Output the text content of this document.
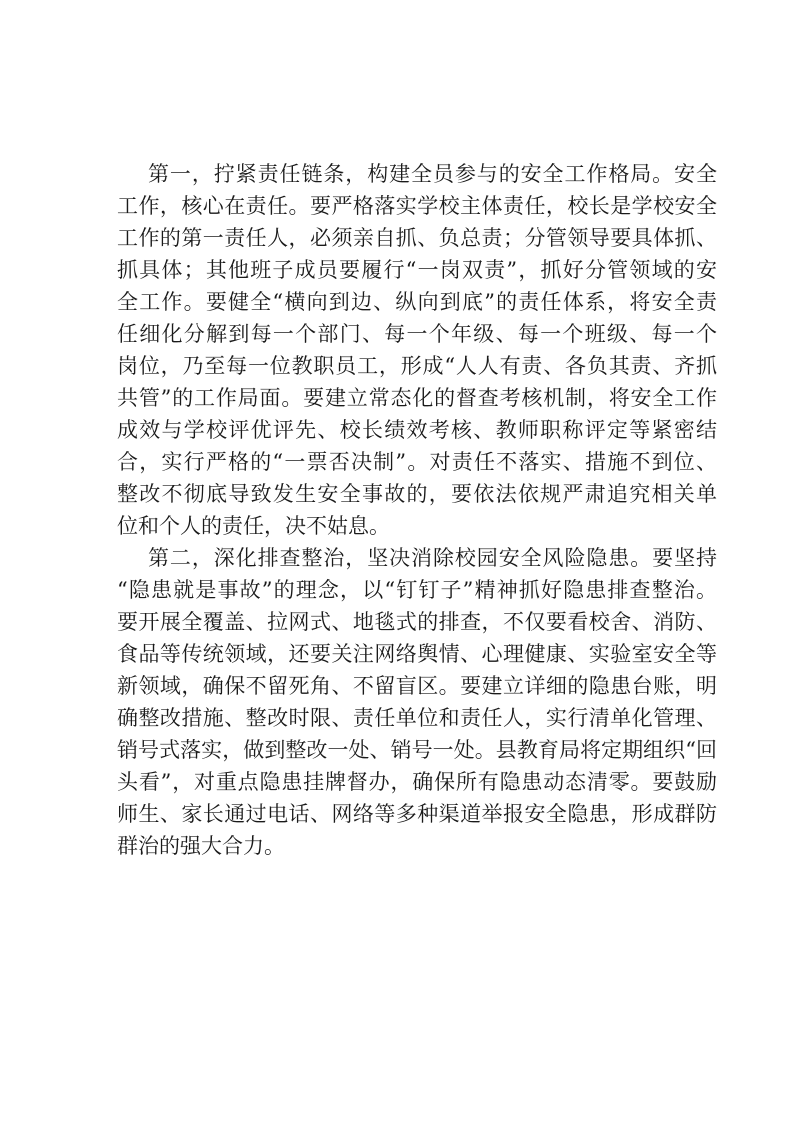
第一，拧紧责任链条，构建全员参与的安全工作格局。安全
工作，核心在责任。要严格落实学校主体责任，校长是学校安全
工作的第一责任人，必须亲自抓、负总责；分管领导要具体抓、
抓具体；其他班子成员要履行“一岗双责”，抓好分管领域的安
全工作。要健全“横向到边、纵向到底”的责任体系，将安全责
任细化分解到每一个部门、每一个年级、每一个班级、每一个
岗位，乃至每一位教职员工，形成“人人有责、各负其责、齐抓
共管”的工作局面。要建立常态化的督查考核机制，将安全工作
成效与学校评优评先、校长绩效考核、教师职称评定等紧密结
合，实行严格的“一票否决制”。对责任不落实、措施不到位、
整改不彻底导致发生安全事故的，要依法依规严肃追究相关单
位和个人的责任，决不姑息。
第二，深化排查整治，坚决消除校园安全风险隐患。要坚持
“隐患就是事故”的理念，以“钉钉子”精神抓好隐患排查整治。
要开展全覆盖、拉网式、地毯式的排查，不仅要看校舍、消防、
食品等传统领域，还要关注网络舆情、心理健康、实验室安全等
新领域，确保不留死角、不留盲区。要建立详细的隐患台账，明
确整改措施、整改时限、责任单位和责任人，实行清单化管理、
销号式落实，做到整改一处、销号一处。县教育局将定期组织“回
头看”，对重点隐患挂牌督办，确保所有隐患动态清零。要鼓励
师生、家长通过电话、网络等多种渠道举报安全隐患，形成群防
群治的强大合力。
